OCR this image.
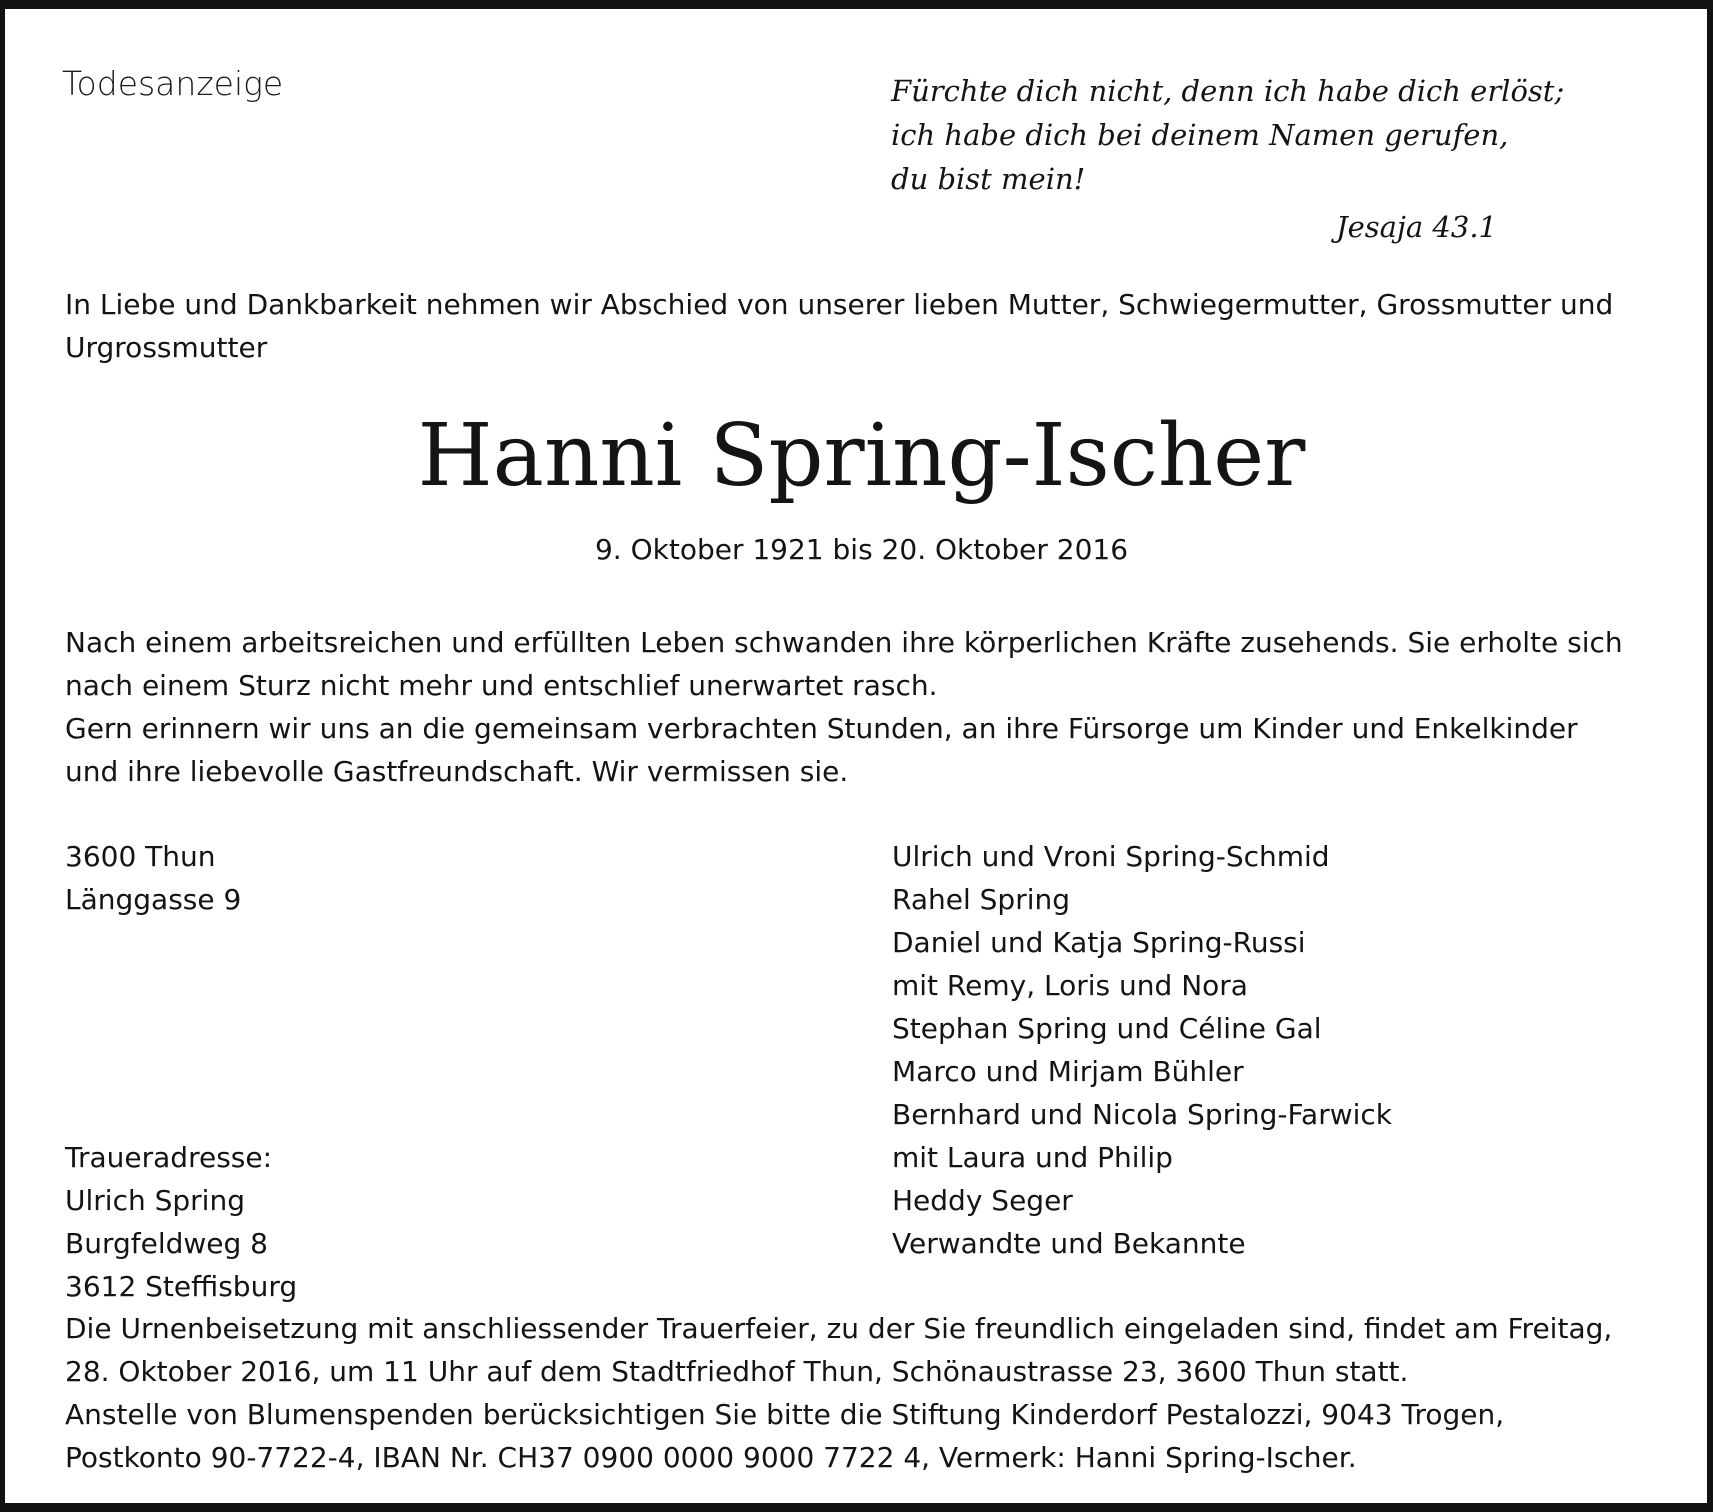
Todesanzeige	Fürchte dich nicht, denn ich habe dich erlöst;
ich habe dich bei deinem Namen gerufen,
du bist mein!
Jesaja 43.1
In Liebe und Dankbarkeit nehmen wir Abschied von unserer lieben Mutter, Schwiegermutter, Grossmutter und
Urgrossmutter
Hanni Spring-Ischer
9. Oktober 1921 bis 20. Oktober 2016
Nach einem arbeitsreichen und erfüllten Leben schwanden ihre körperlichen Kräfte zusehends. Sie erholte sich
nach einem Sturz nicht mehr und entschlief unerwartet rasch.
Gern erinnern wir uns an die gemeinsam verbrachten Stunden, an ihre Fürsorge um Kinder und Enkelkinder
und ihre liebevolle Gastfreundschaft. Wir vermissen sie.
3600 Thun
Länggasse 9
Traueradresse:
Ulrich Spring
Burgfeldweg 8
3612 Steffisburg
Ulrich und Vroni Spring-Schmid
Rahel Spring
Daniel und Katja Spring-Russi
mit Remy, Loris und Nora
Stephan Spring und Céline Gal
Marco und Mirjam Bühler
Bernhard und Nicola Spring-Farwick
mit Laura und Philip
Heddy Seger
Verwandte und Bekannte
Die Urnenbeisetzung mit anschliessender Trauerfeier, zu der Sie freundlich eingeladen sind, findet am Freitag,
28. Oktober 2016, um 11 Uhr auf dem Stadtfriedhof Thun, Schönaustrasse 23, 3600 Thun statt.
Anstelle von Blumenspenden berücksichtigen Sie bitte die Stiftung Kinderdorf Pestalozzi, 9043 Trogen,
Postkonto 90-7722-4, IBAN Nr. CH37 0900 0000 9000 7722 4, Vermerk: Hanni Spring-Ischer.
